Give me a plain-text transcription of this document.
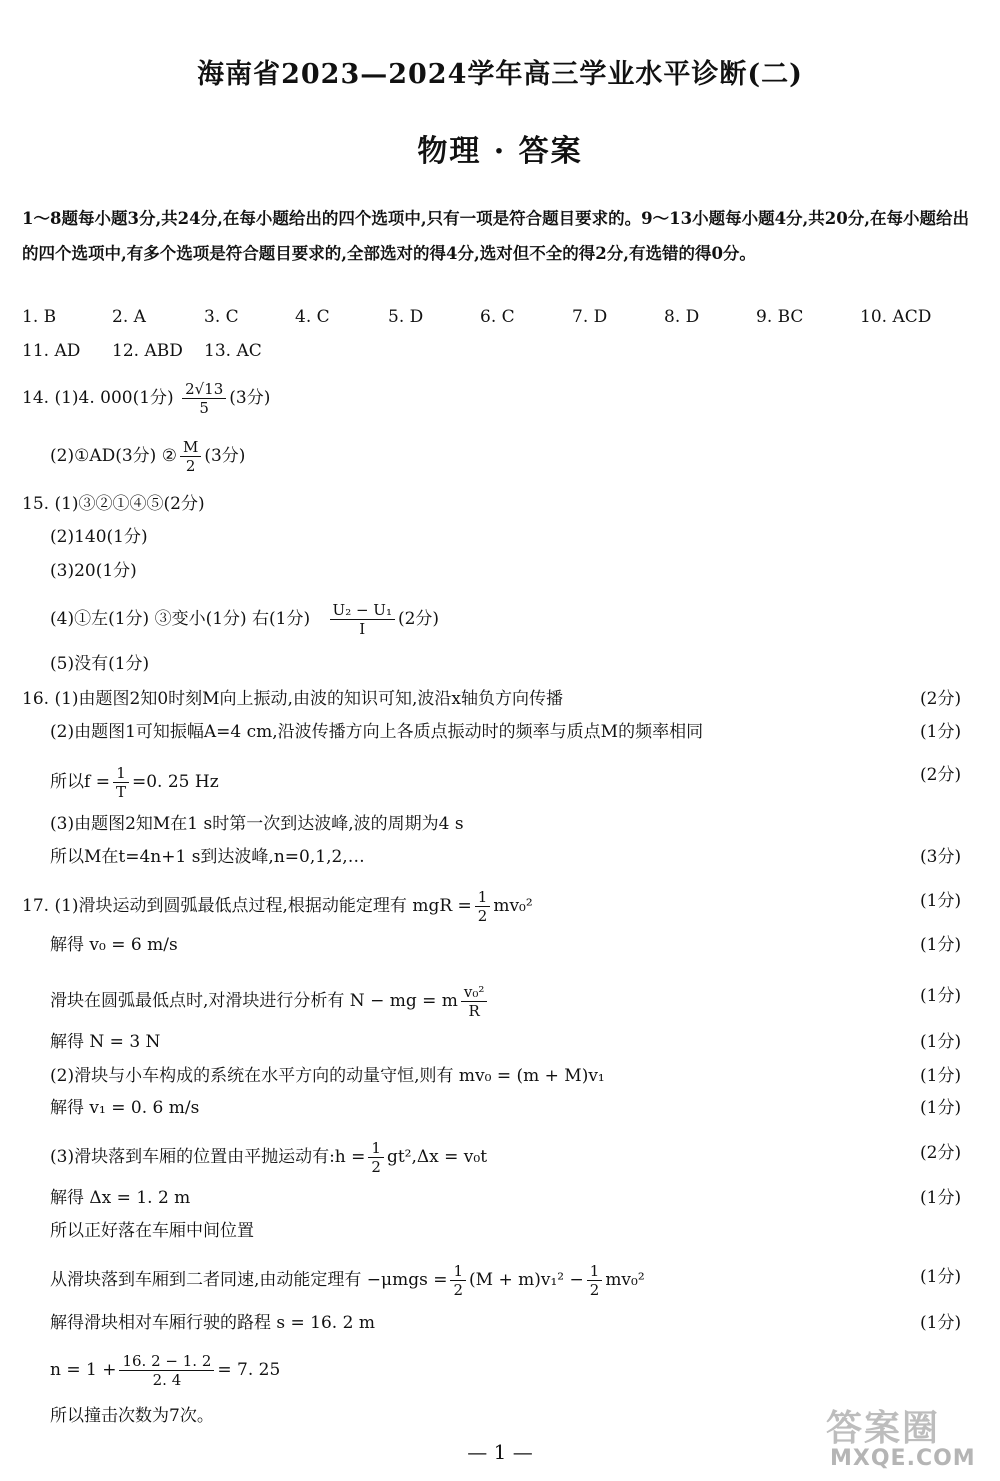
海南省2023—2024学年高三学业水平诊断(二)
物理 · 答案
1～8题每小题3分,共24分,在每小题给出的四个选项中,只有一项是符合题目要求的。9～13小题每小题4分,共20分,在每小题给出的四个选项中,有多个选项是符合题目要求的,全部选对的得4分,选对但不全的得2分,有选错的得0分。
1. B	2. A	3. C	4. C	5. D	6. C	7. D	8. D	9. BC	10. ACD
11. AD 12. ABD 13. AC
14. (1)4. 000(1分) $\frac{2√13}{5} (3$分)
(2)①AD(3分) ② $\frac{M}{2} (3$分)
15. (1)③②①④⑤(2分)
(2)140(1分)
(3)20(1分)
(4)①左(1分) ③变小(1分) 右(1分) $\frac{\text{U₂ − U₁}}{I} (2$分)
(5)没有(1分)
16. (1)由题图2知0时刻M向上振动,由波的知识可知,波沿x轴负方向传播	(2分)
(2)由题图1可知振幅A=4 cm,沿波传播方向上各质点振动时的频率与质点M的频率相同	(1分)
所以$f = \frac{1}{T} =0$. 25 Hz	(2分)
(3)由题图2知M在1 s时第一次到达波峰,波的周期为4 s
所以M在t=4n+1 s到达波峰,n=0,1,2,…	(3分)
17. (1)滑块运动到圆弧最低点过程,根据动能定理有 mgR = $\frac{1}{2} mv_0^2$	(1分)
解得 v₀ = 6 m/s	(1分)
滑块在圆弧最低点时,对滑块进行分析有 N − mg = m $\frac{\text{v₀²}}{R}$	(1分)
解得 N = 3 N	(1分)
(2)滑块与小车构成的系统在水平方向的动量守恒,则有 mv₀ = (m + M)v₁	(1分)
解得 v₁ = 0. 6 m/s	(1分)
(3)滑块落到车厢的位置由平抛运动有:h = $\frac{1}{2} gt^2,\Delta x = v_0t$	(2分)
解得 Δx = 1. 2 m	(1分)
所以正好落在车厢中间位置
从滑块落到车厢到二者同速,由动能定理有 $-\mu mgs = \frac{1}{2} (M + m)v_1^2 - \frac{1}{2} mv_0^2$	(1分)
解得滑块相对车厢行驶的路程 s = 16. 2 m	(1分)
$n = 1 + \frac{16. 2 - 1. 2}{2. 4} = 7$. 25
所以撞击次数为7次。
— 1 —
答案圈
MXQE.COM
